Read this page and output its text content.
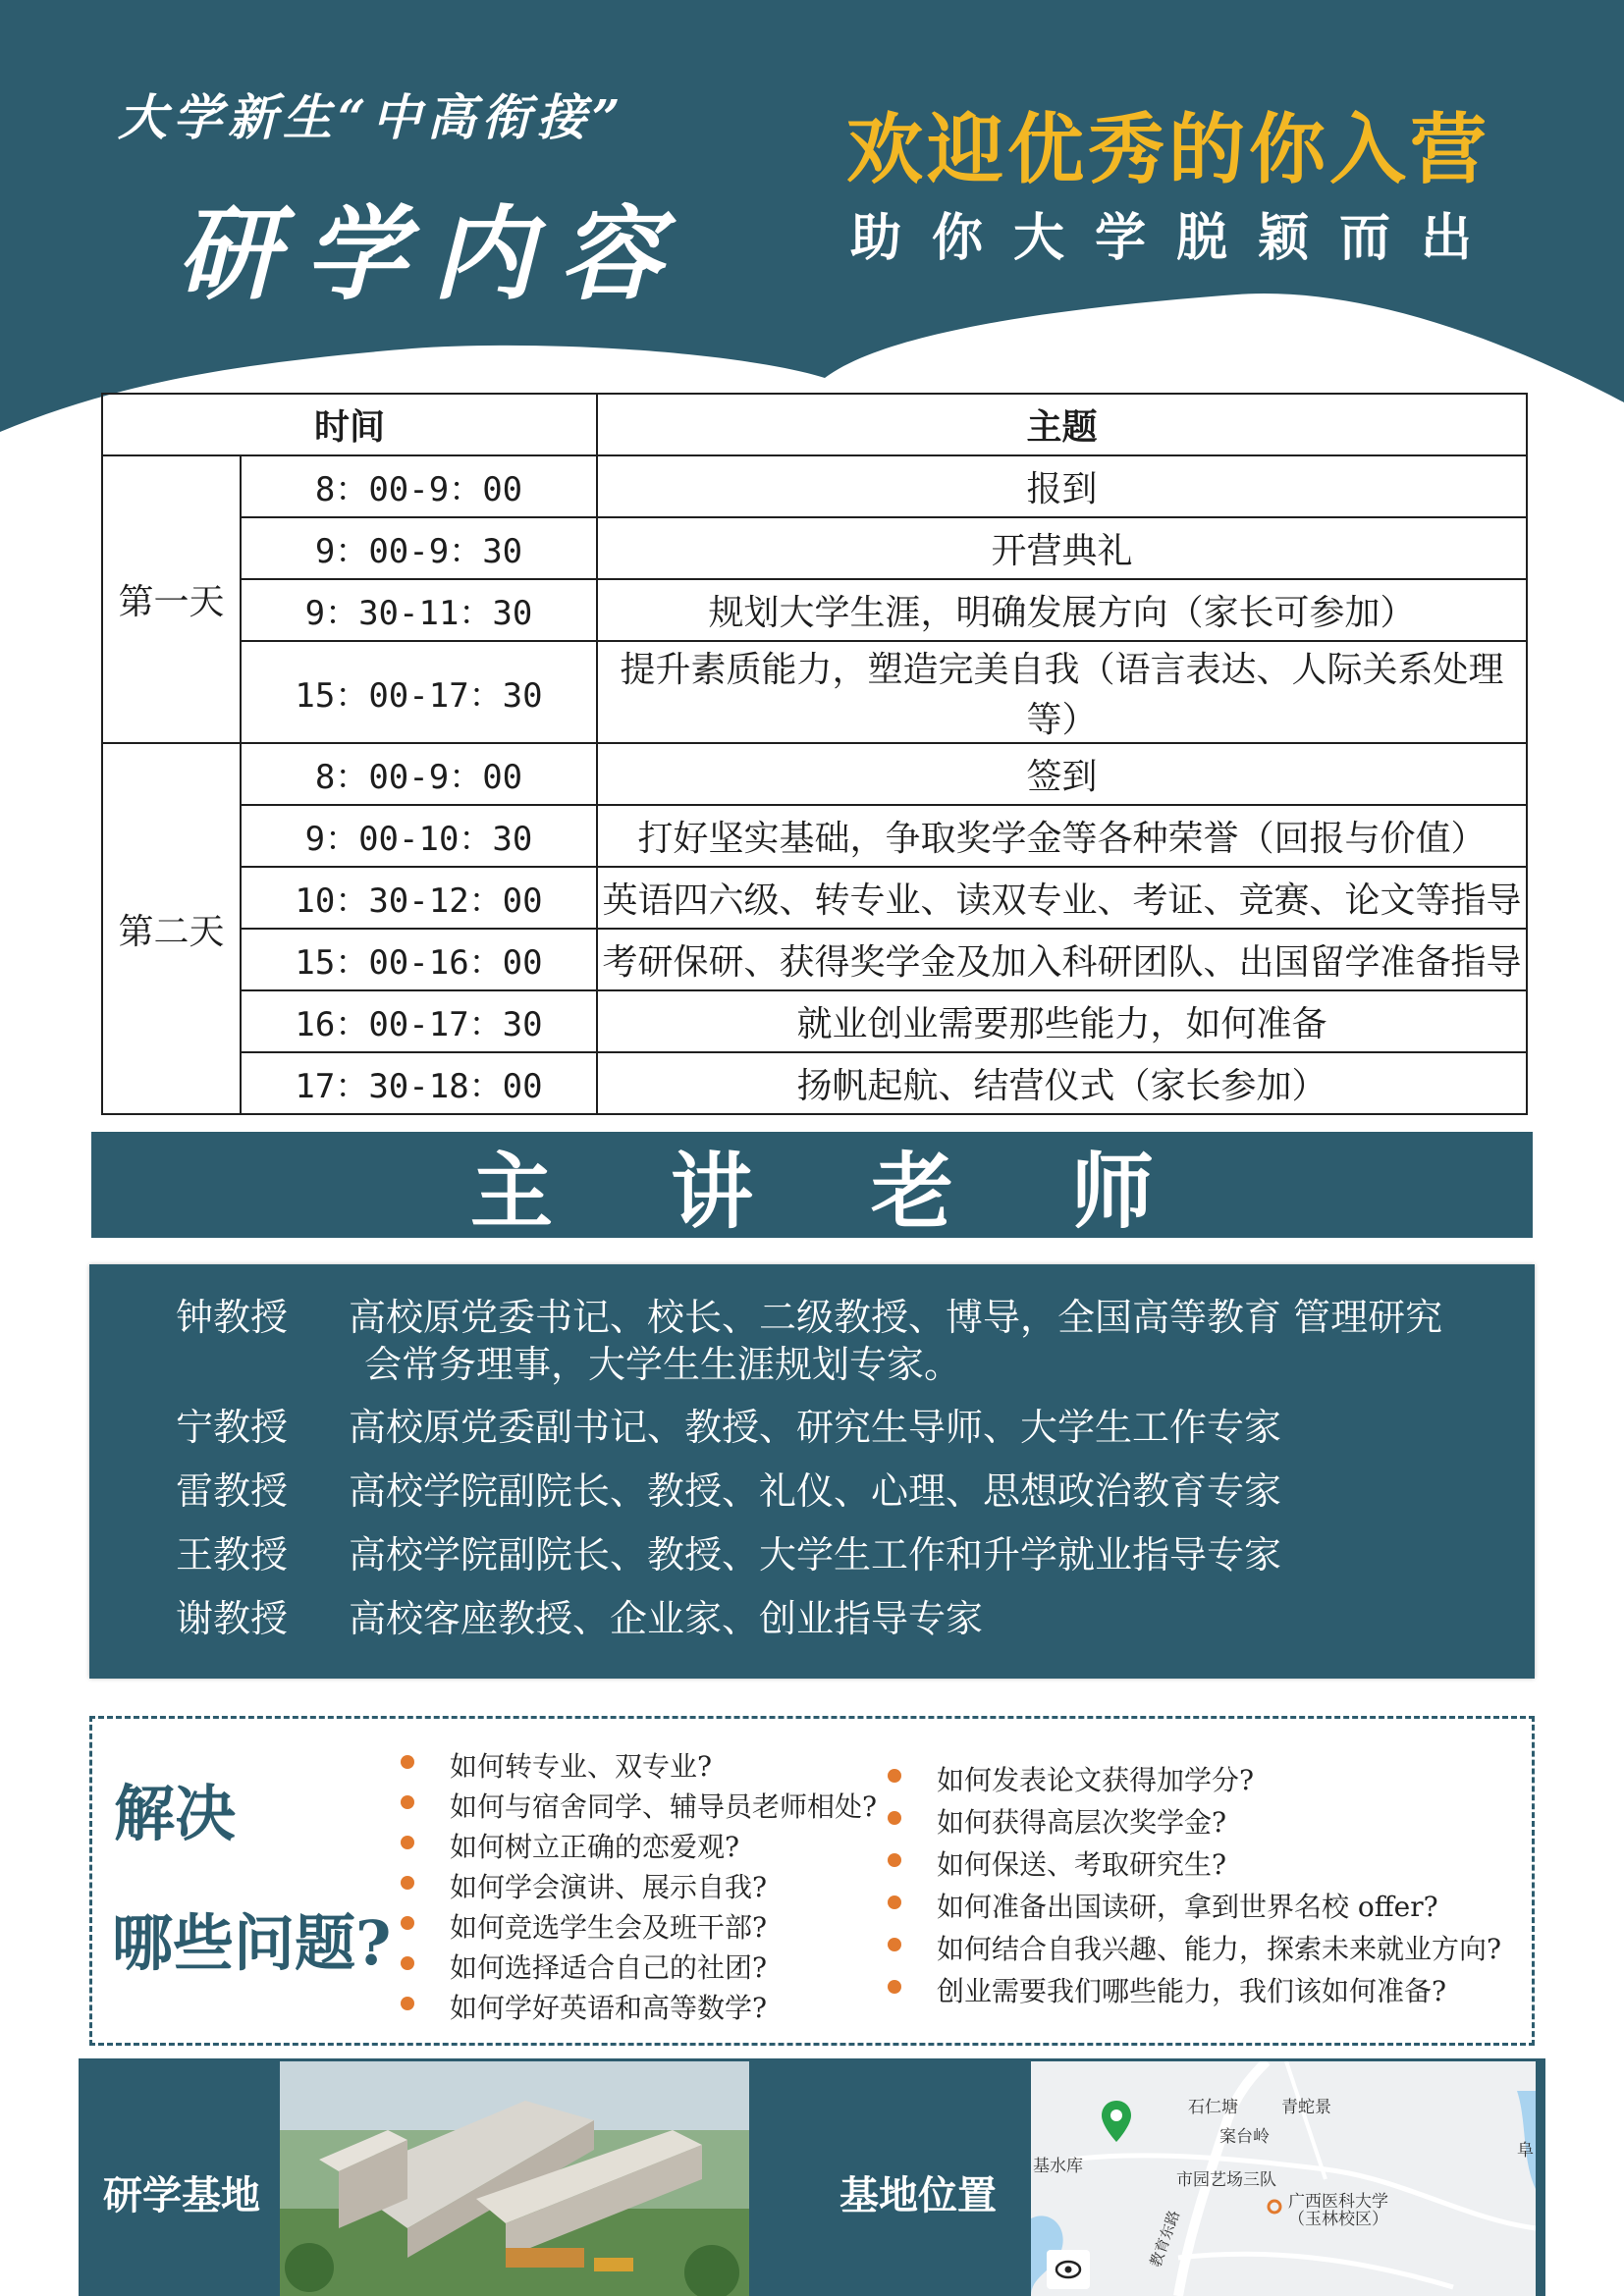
大学新生“中高衔接”
研学内容
欢迎优秀的你入营
助你大学脱颖而出
时间		主题
第一天	8：00-9：00	报到
	9：00-9：30	开营典礼
	9：30-11：30	规划大学生涯，明确发展方向（家长可参加）
	15：00-17：30	提升素质能力，塑造完美自我（语言表达、人际关系处理等）
第二天	8：00-9：00	签到
	9：00-10：30	打好坚实基础，争取奖学金等各种荣誉（回报与价值）
	10：30-12：00	英语四六级、转专业、读双专业、考证、竞赛、论文等指导
	15：00-16：00	考研保研、获得奖学金及加入科研团队、出国留学准备指导
	16：00-17：30	就业创业需要那些能力，如何准备
	17：30-18：00	扬帆起航、结营仪式（家长参加）
主讲老师
钟教授	高校原党委书记、校长、二级教授、博导，全国高等教育 管理研究
会常务理事，大学生生涯规划专家。
宁教授	高校原党委副书记、教授、研究生导师、大学生工作专家
雷教授	高校学院副院长、教授、礼仪、心理、思想政治教育专家
王教授	高校学院副院长、教授、大学生工作和升学就业指导专家
谢教授	高校客座教授、企业家、创业指导专家
解决
哪些问题?
如何转专业、双专业?
如何与宿舍同学、辅导员老师相处?
如何树立正确的恋爱观?
如何学会演讲、展示自我?
如何竞选学生会及班干部?
如何选择适合自己的社团?
如何学好英语和高等数学?
如何发表论文获得加学分?
如何获得高层次奖学金?
如何保送、考取研究生?
如何准备出国读研，拿到世界名校 offer?
如何结合自我兴趣、能力，探索未来就业方向?
创业需要我们哪些能力，我们该如何准备?
研学基地	基地位置
石仁塘	青蛇景
案台岭
基水库
市园艺场三队
广西医科大学
（玉林校区）
教育东路
阜
